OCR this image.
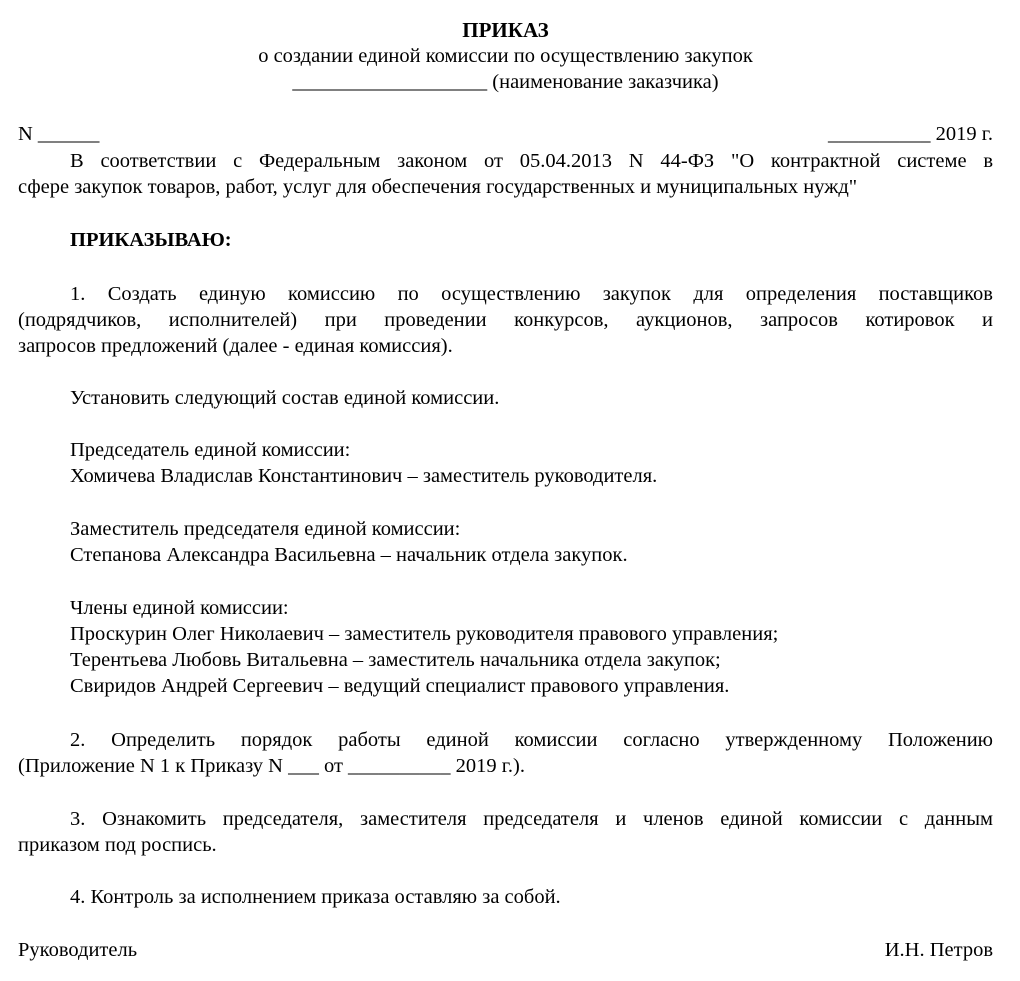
ПРИКАЗ
о создании единой комиссии по осуществлению закупок
___________________ (наименование заказчика)
N ______	__________ 2019 г.
В соответствии с Федеральным законом от 05.04.2013 N 44-ФЗ "О контрактной системе в
сфере закупок товаров, работ, услуг для обеспечения государственных и муниципальных нужд"
ПРИКАЗЫВАЮ:
1. Создать единую комиссию по осуществлению закупок для определения поставщиков
(подрядчиков, исполнителей) при проведении конкурсов, аукционов, запросов котировок и
запросов предложений (далее - единая комиссия).
Установить следующий состав единой комиссии.
Председатель единой комиссии:
Хомичева Владислав Константинович – заместитель руководителя.
Заместитель председателя единой комиссии:
Степанова Александра Васильевна – начальник отдела закупок.
Члены единой комиссии:
Проскурин Олег Николаевич – заместитель руководителя правового управления;
Терентьева Любовь Витальевна – заместитель начальника отдела закупок;
Свиридов Андрей Сергеевич – ведущий специалист правового управления.
2. Определить порядок работы единой комиссии согласно утвержденному Положению
(Приложение N 1 к Приказу N ___ от __________ 2019 г.).
3. Ознакомить председателя, заместителя председателя и членов единой комиссии с данным
приказом под роспись.
4. Контроль за исполнением приказа оставляю за собой.
Руководитель	И.Н. Петров
